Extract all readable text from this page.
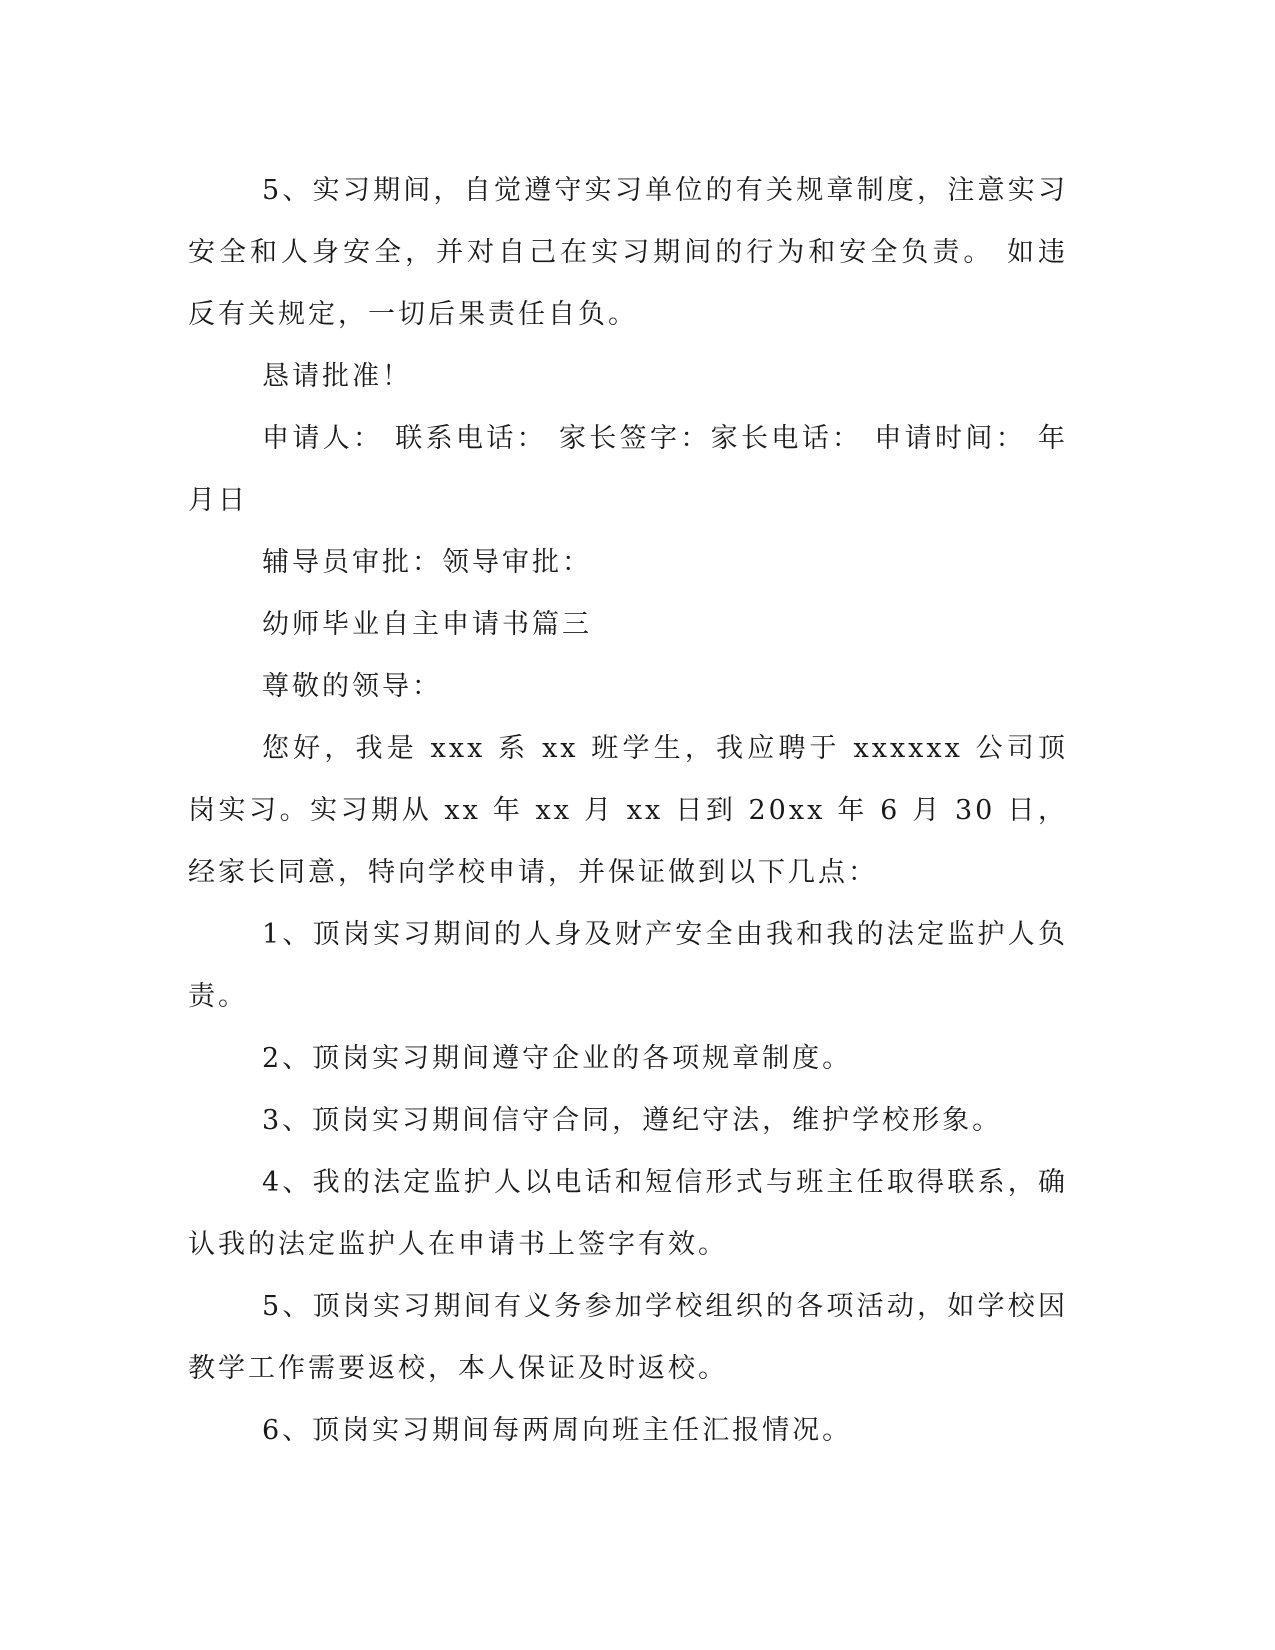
5、实习期间，自觉遵守实习单位的有关规章制度，注意实习安全和人身安全，并对自己在实习期间的行为和安全负责。 如违反有关规定，一切后果责任自负。

恳请批准！

申请人： 联系电话： 家长签字：家长电话： 申请时间： 年 月日

辅导员审批：领导审批：

幼师毕业自主申请书篇三

尊敬的领导：

您好，我是 xxx 系 xx 班学生，我应聘于 xxxxxx 公司顶岗实习。实习期从 xx 年 xx 月 xx 日到 20xx 年 6 月 30 日，经家长同意，特向学校申请，并保证做到以下几点：

1、顶岗实习期间的人身及财产安全由我和我的法定监护人负责。

2、顶岗实习期间遵守企业的各项规章制度。

3、顶岗实习期间信守合同，遵纪守法，维护学校形象。

4、我的法定监护人以电话和短信形式与班主任取得联系，确认我的法定监护人在申请书上签字有效。

5、顶岗实习期间有义务参加学校组织的各项活动，如学校因教学工作需要返校，本人保证及时返校。

6、顶岗实习期间每两周向班主任汇报情况。
